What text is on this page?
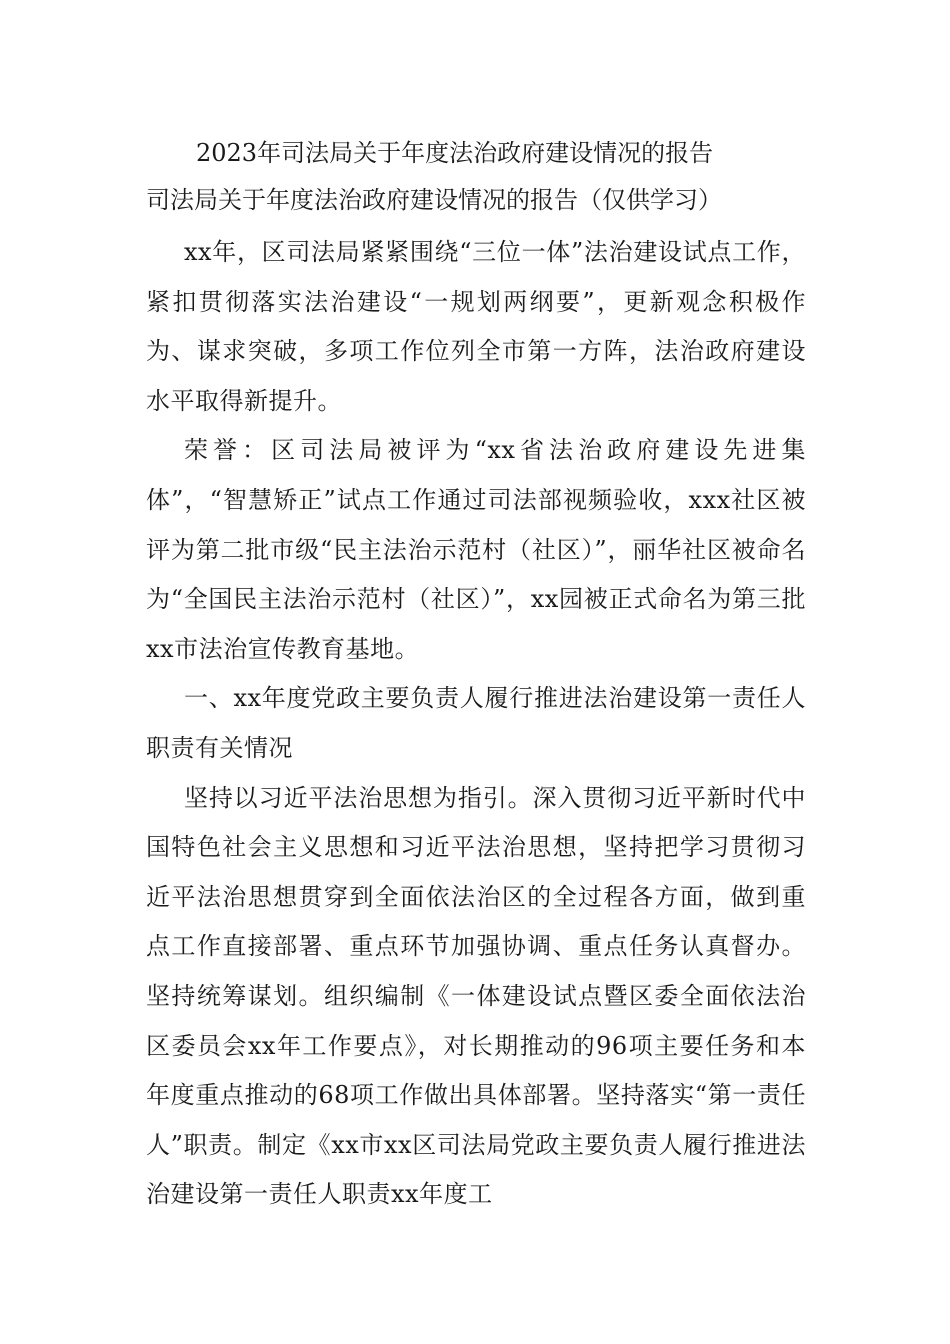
2023年司法局关于年度法治政府建设情况的报告
司法局关于年度法治政府建设情况的报告（仅供学习）

xx年，区司法局紧紧围绕“三位一体”法治建设试点工作，紧扣贯彻落实法治建设“一规划两纲要”，更新观念积极作为、谋求突破，多项工作位列全市第一方阵，法治政府建设水平取得新提升。

荣誉：区司法局被评为“xx省法治政府建设先进集体”，“智慧矫正”试点工作通过司法部视频验收，xxx社区被评为第二批市级“民主法治示范村（社区）”，丽华社区被命名为“全国民主法治示范村（社区）”，xx园被正式命名为第三批xx市法治宣传教育基地。

一、xx年度党政主要负责人履行推进法治建设第一责任人职责有关情况

坚持以习近平法治思想为指引。深入贯彻习近平新时代中国特色社会主义思想和习近平法治思想，坚持把学习贯彻习近平法治思想贯穿到全面依法治区的全过程各方面，做到重点工作直接部署、重点环节加强协调、重点任务认真督办。坚持统筹谋划。组织编制《一体建设试点暨区委全面依法治区委员会xx年工作要点》，对长期推动的96项主要任务和本年度重点推动的68项工作做出具体部署。坚持落实“第一责任人”职责。制定《xx市xx区司法局党政主要负责人履行推进法治建设第一责任人职责xx年度工
